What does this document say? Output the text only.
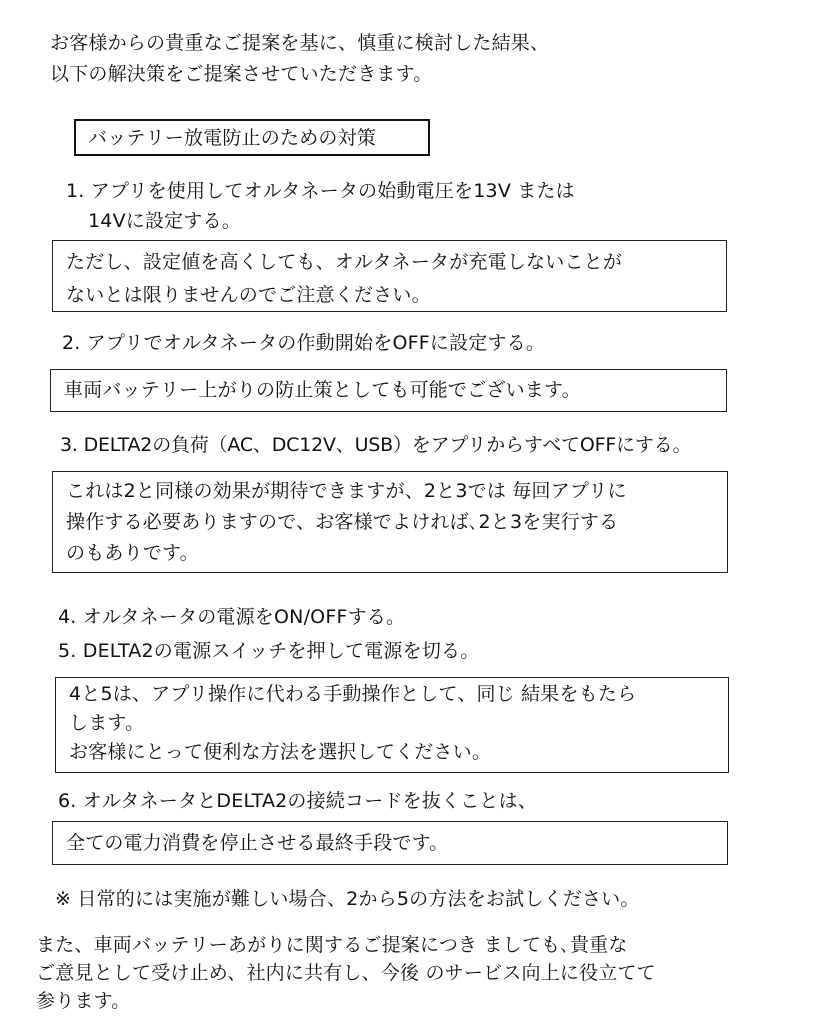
お客様からの貴重なご提案を基に、慎重に検討した結果、
以下の解決策をご提案させていただきます。
バッテリー放電防止のための対策
1. アプリを使用してオルタネータの始動電圧を13V または
14Vに設定する。
ただし、設定値を高くしても、オルタネータが充電しないことが
ないとは限りませんのでご注意ください。
2. アプリでオルタネータの作動開始をOFFに設定する。
車両バッテリー上がりの防止策としても可能でございます。
3. DELTA2の負荷（AC、DC12V、USB）をアプリからすべてOFFにする。
これは2と同様の効果が期待できますが、2と3では 毎回アプリに
操作する必要ありますので、お客様でよければ､2と3を実行する
のもありです。
4. オルタネータの電源をON/OFFする。
5. DELTA2の電源スイッチを押して電源を切る。
4と5は、アプリ操作に代わる手動操作として、同じ 結果をもたら
します。
お客様にとって便利な方法を選択してください。
6. オルタネータとDELTA2の接続コードを抜くことは、
全ての電力消費を停止させる最終手段です。
※ 日常的には実施が難しい場合、2から5の方法をお試しください。
また、車両バッテリーあがりに関するご提案につき ましても､貴重な
ご意見として受け止め、社内に共有し、今後 のサービス向上に役立てて
参ります。
